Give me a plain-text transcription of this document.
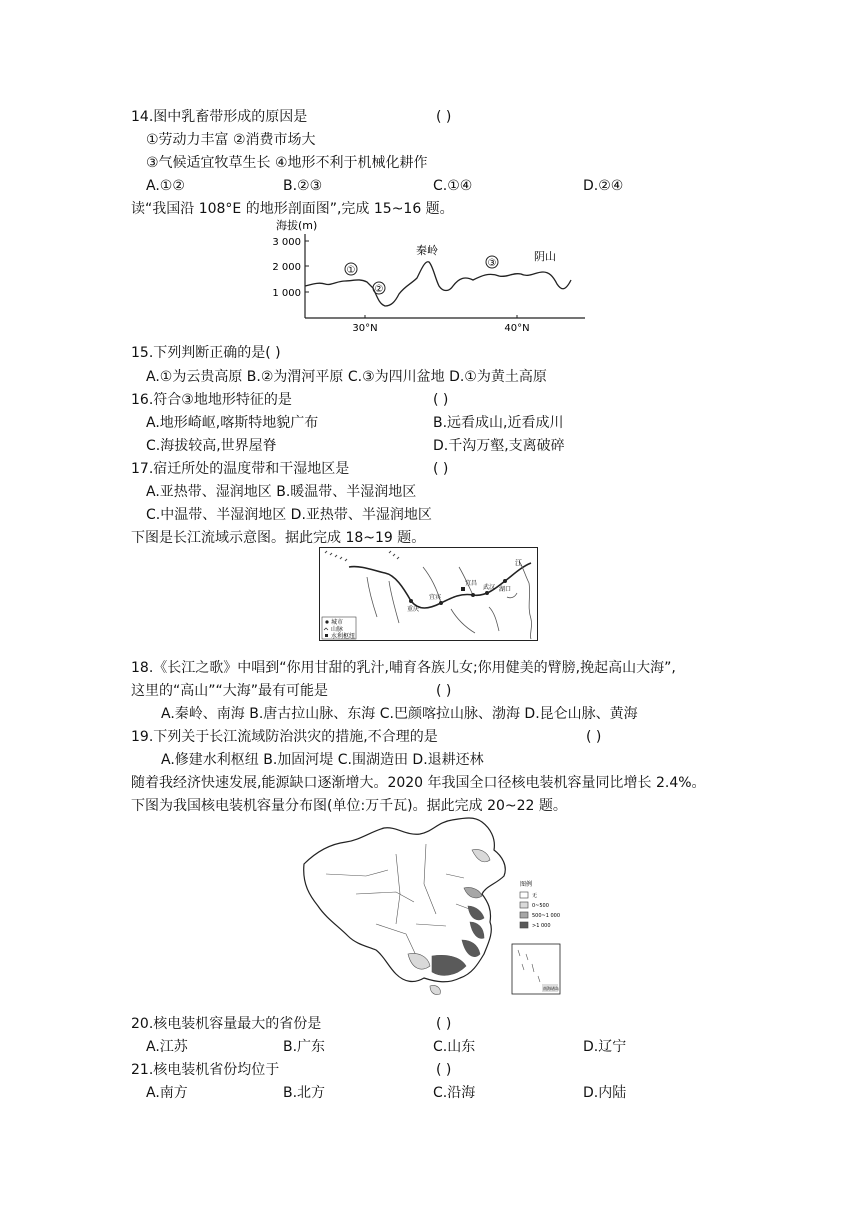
14.图中乳畜带形成的原因是	( )
①劳动力丰富 ②消费市场大
③气候适宜牧草生长 ④地形不利于机械化耕作
A.①②	B.②③	C.①④	D.②④
读“我国沿 108°E 的地形剖面图”,完成 15~16 题。
海拔(m)
3 000
2 000
1 000
30°N	40°N
①
②
秦岭
③
阴山
15.下列判断正确的是( )
A.①为云贵高原 B.②为渭河平原 C.③为四川盆地 D.①为黄土高原
16.符合③地地形特征的是	( )
A.地形崎岖,喀斯特地貌广布	B.远看成山,近看成川
C.海拔较高,世界屋脊	D.千沟万壑,支离破碎
17.宿迁所处的温度带和干湿地区是	( )
A.亚热带、湿润地区 B.暖温带、半湿润地区
C.中温带、半湿润地区 D.亚热带、半湿润地区
下图是长江流域示意图。据此完成 18~19 题。
江
重庆
宜宾
宜昌
武汉 湖口
城市
山脉
水利枢纽
18.《长江之歌》中唱到“你用甘甜的乳汁,哺育各族儿女;你用健美的臂膀,挽起高山大海”,
这里的“高山”“大海”最有可能是	( )
A.秦岭、南海 B.唐古拉山脉、东海 C.巴颜喀拉山脉、渤海 D.昆仑山脉、黄海
19.下列关于长江流域防治洪灾的措施,不合理的是	( )
A.修建水利枢纽 B.加固河堤 C.围湖造田 D.退耕还林
随着我经济快速发展,能源缺口逐渐增大。2020 年我国全口径核电装机容量同比增长 2.4%。
下图为我国核电装机容量分布图(单位:万千瓦)。据此完成 20~22 题。
图例
无
0~500
500~1 000
>1 000
南海诸岛
20.核电装机容量最大的省份是	( )
A.江苏	B.广东	C.山东	D.辽宁
21.核电装机省份均位于	( )
A.南方	B.北方	C.沿海	D.内陆
